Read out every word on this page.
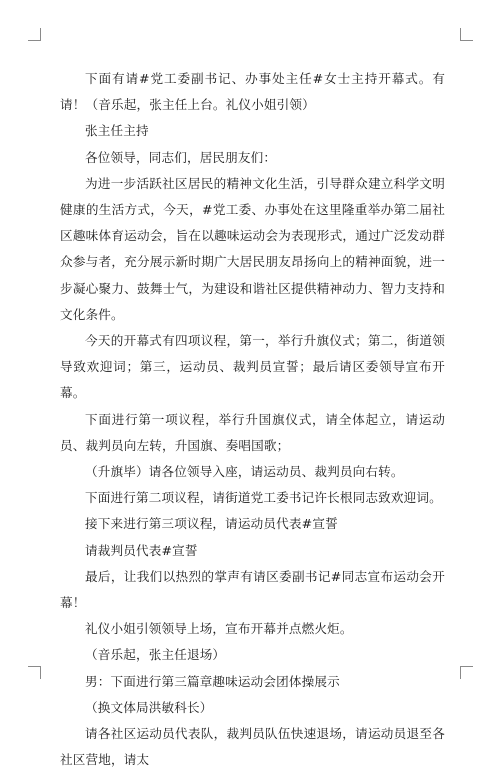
下面有请#党工委副书记、办事处主任#女士主持开幕式。有请！（音乐起，张主任上台。礼仪小姐引领）

张主任主持

各位领导，同志们，居民朋友们：

为进一步活跃社区居民的精神文化生活，引导群众建立科学文明健康的生活方式，今天，#党工委、办事处在这里隆重举办第二届社区趣味体育运动会，旨在以趣味运动会为表现形式，通过广泛发动群众参与者，充分展示新时期广大居民朋友昂扬向上的精神面貌，进一步凝心聚力、鼓舞士气，为建设和谐社区提供精神动力、智力支持和文化条件。

今天的开幕式有四项议程，第一，举行升旗仪式；第二，街道领导致欢迎词；第三，运动员、裁判员宣誓；最后请区委领导宣布开幕。

下面进行第一项议程，举行升国旗仪式，请全体起立，请运动员、裁判员向左转，升国旗、奏唱国歌；

（升旗毕）请各位领导入座，请运动员、裁判员向右转。

下面进行第二项议程，请街道党工委书记许长根同志致欢迎词。

接下来进行第三项议程，请运动员代表#宣誓

请裁判员代表#宣誓

最后，让我们以热烈的掌声有请区委副书记#同志宣布运动会开幕！

礼仪小姐引领领导上场，宣布开幕并点燃火炬。

（音乐起，张主任退场）

男：下面进行第三篇章趣味运动会团体操展示

（换文体局洪敏科长）

请各社区运动员代表队，裁判员队伍快速退场，请运动员退至各社区营地，请太
